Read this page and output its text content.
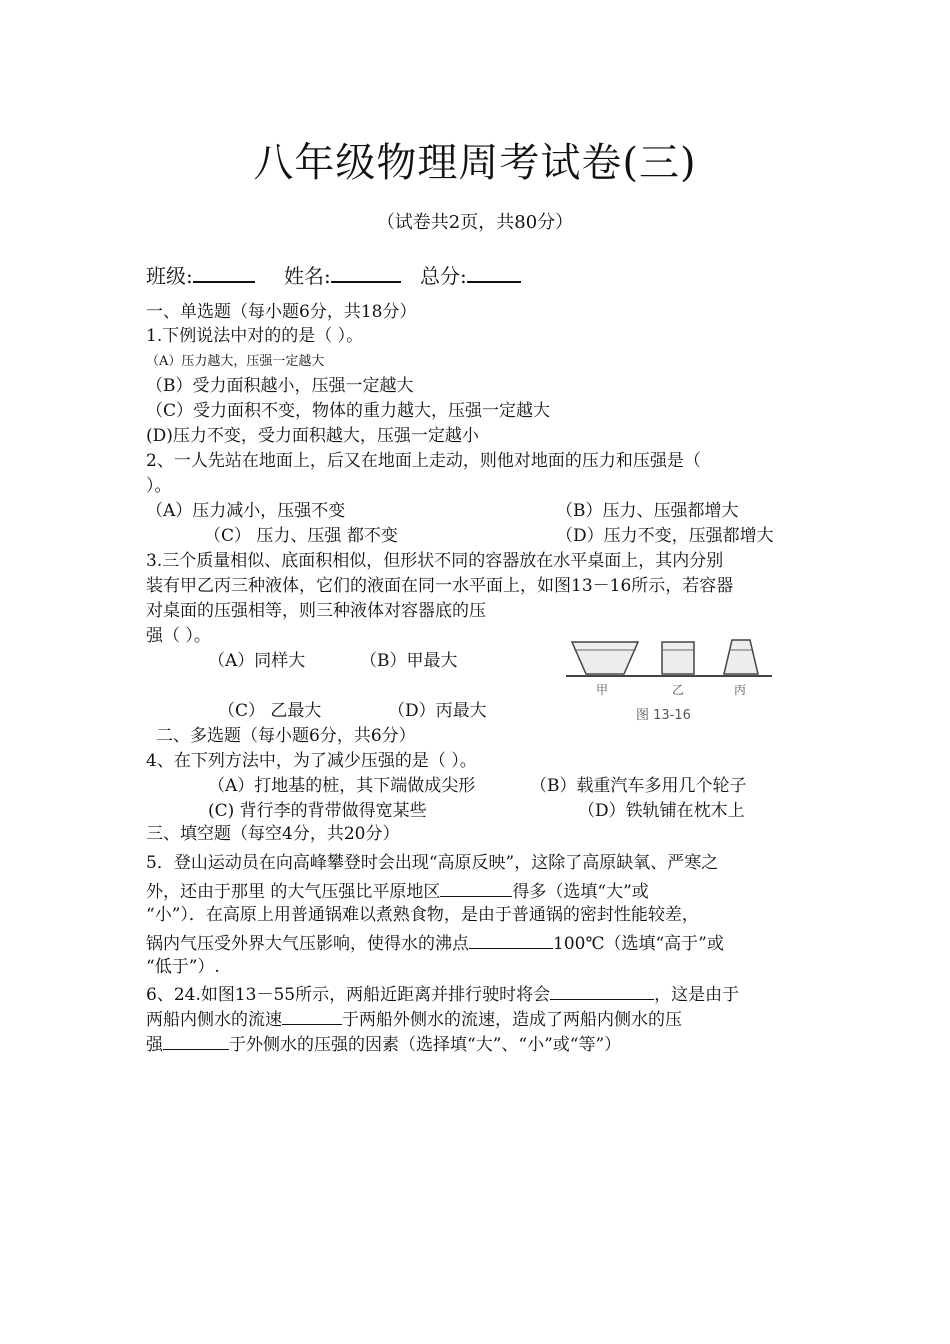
八年级物理周考试卷(三)
（试卷共2页，共80分）
班级:	姓名:	总分:
一、单选题（每小题6分，共18分）
1.下例说法中对的的是（ ）。
（A）压力越大，压强一定越大
（B）受力面积越小，压强一定越大
（C）受力面积不变，物体的重力越大，压强一定越大
(D)压力不变，受力面积越大，压强一定越小
2、一人先站在地面上，后又在地面上走动，则他对地面的压力和压强是（
）。
（A）压力减小，压强不变	（B）压力、压强都增大
（C） 压力、压强 都不变	（D）压力不变，压强都增大
3.三个质量相似、底面积相似，但形状不同的容器放在水平桌面上，其内分别
装有甲乙丙三种液体，它们的液面在同一水平面上，如图13－16所示，若容器
对桌面的压强相等，则三种液体对容器底的压
强（ ）。
（A）同样大	（B）甲最大
（C） 乙最大	（D）丙最大
甲	乙	丙
图 13-16
二、多选题（每小题6分，共6分）
4、在下列方法中，为了减少压强的是（ ）。
（A）打地基的桩，其下端做成尖形	（B）载重汽车多用几个轮子
(C) 背行李的背带做得宽某些	（D）铁轨铺在枕木上
三、填空题（每空4分，共20分）
5．登山运动员在向高峰攀登时会出现“高原反映”，这除了高原缺氧、严寒之
外，还由于那里 的大气压强比平原地区	得多（选填“大”或
“小”）．在高原上用普通锅难以煮熟食物，是由于普通锅的密封性能较差，
锅内气压受外界大气压影响，使得水的沸点	100℃（选填“高于”或
“低于”）.
6、24.如图13－55所示，两船近距离并排行驶时将会	，这是由于
两船内侧水的流速	于两船外侧水的流速，造成了两船内侧水的压
强	于外侧水的压强的因素（选择填“大”、“小”或“等”）
